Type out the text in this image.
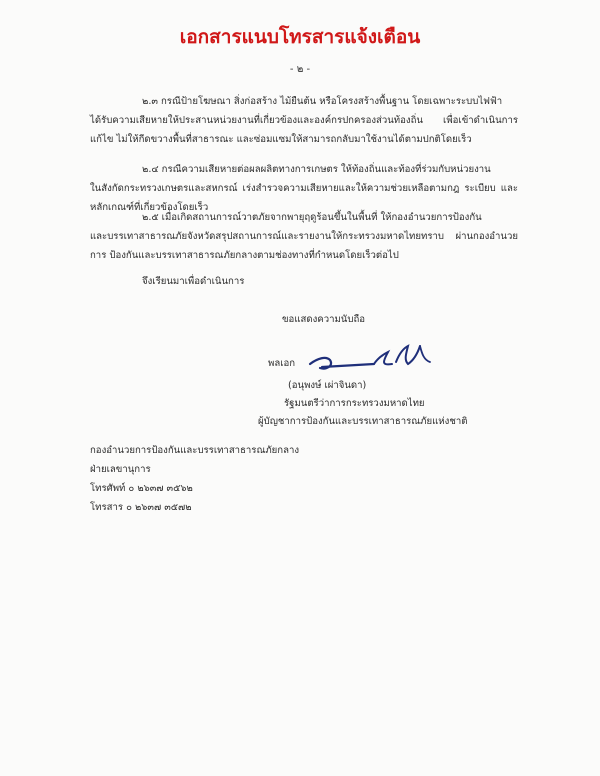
เอกสารแนบโทรสารแจ้งเตือน
- ๒ -
๒.๓ กรณีป้ายโฆษณา สิ่งก่อสร้าง ไม้ยืนต้น หรือโครงสร้างพื้นฐาน โดยเฉพาะระบบไฟฟ้า
ได้รับความเสียหายให้ประสานหน่วยงานที่เกี่ยวข้องและองค์กรปกครองส่วนท้องถิ่น เพื่อเข้าดำเนินการแก้ไข ไม่ให้กีดขวางพื้นที่สาธารณะ และซ่อมแซมให้สามารถกลับมาใช้งานได้ตามปกติโดยเร็ว
๒.๔ กรณีความเสียหายต่อผลผลิตทางการเกษตร ให้ท้องถิ่นและท้องที่ร่วมกับหน่วยงาน
ในสังกัดกระทรวงเกษตรและสหกรณ์ เร่งสำรวจความเสียหายและให้ความช่วยเหลือตามกฎ ระเบียบ และหลักเกณฑ์ที่เกี่ยวข้องโดยเร็ว
๒.๕ เมื่อเกิดสถานการณ์วาตภัยจากพายุฤดูร้อนขึ้นในพื้นที่ ให้กองอำนวยการป้องกัน
และบรรเทาสาธารณภัยจังหวัดสรุปสถานการณ์และรายงานให้กระทรวงมหาดไทยทราบ ผ่านกองอำนวยการ ป้องกันและบรรเทาสาธารณภัยกลางตามช่องทางที่กำหนดโดยเร็วต่อไป
จึงเรียนมาเพื่อดำเนินการ
ขอแสดงความนับถือ
พลเอก
(อนุพงษ์ เผ่าจินดา)
รัฐมนตรีว่าการกระทรวงมหาดไทย
ผู้บัญชาการป้องกันและบรรเทาสาธารณภัยแห่งชาติ
กองอำนวยการป้องกันและบรรเทาสาธารณภัยกลาง
ฝ่ายเลขานุการ
โทรศัพท์ ๐ ๒๖๓๗ ๓๕๖๒
โทรสาร ๐ ๒๖๓๗ ๓๕๗๒
